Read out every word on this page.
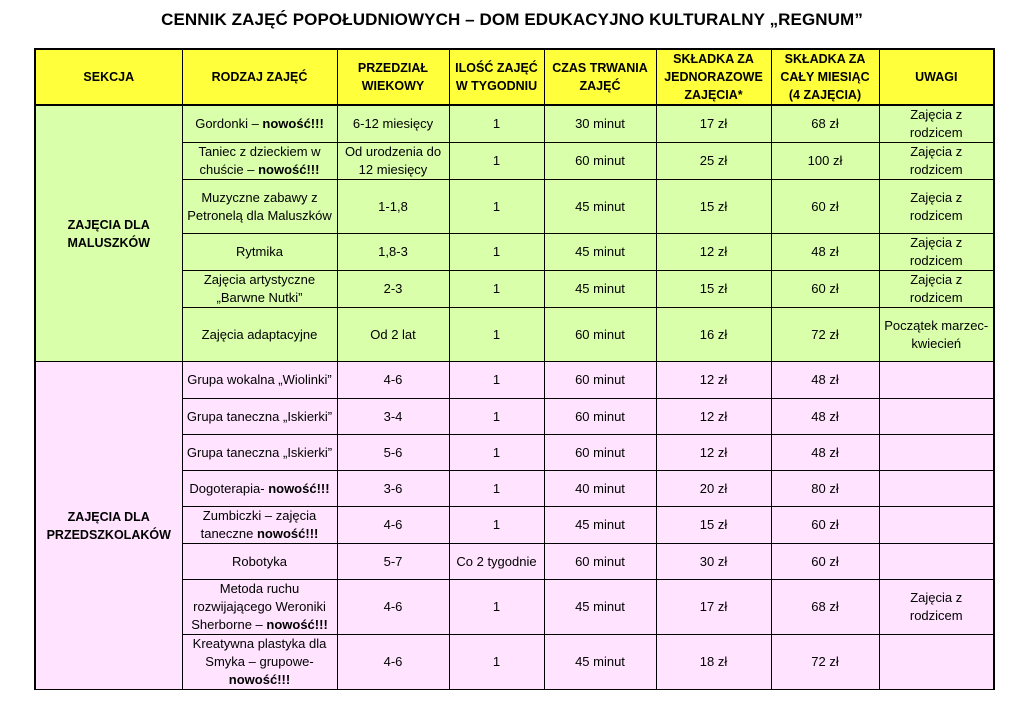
CENNIK ZAJĘĆ POPOŁUDNIOWYCH – DOM EDUKACYJNO KULTURALNY „REGNUM”
SEKCJA	RODZAJ ZAJĘĆ	PRZEDZIAŁ WIEKOWY	ILOŚĆ ZAJĘĆ W TYGODNIU	CZAS TRWANIA ZAJĘĆ	SKŁADKA ZA JEDNORAZOWE ZAJĘCIA*	SKŁADKA ZA CAŁY MIESIĄC (4 ZAJĘCIA)	UWAGI
ZAJĘCIA DLA MALUSZKÓW	Gordonki – nowość!!!	6-12 miesięcy	1	30 minut	17 zł	68 zł	Zajęcia z rodzicem
	Taniec z dzieckiem w chuście – nowość!!!	Od urodzenia do 12 miesięcy	1	60 minut	25 zł	100 zł	Zajęcia z rodzicem
	Muzyczne zabawy z Petronelą dla Maluszków	1-1,8	1	45 minut	15 zł	60 zł	Zajęcia z rodzicem
	Rytmika	1,8-3	1	45 minut	12 zł	48 zł	Zajęcia z rodzicem
	Zajęcia artystyczne „Barwne Nutki”	2-3	1	45 minut	15 zł	60 zł	Zajęcia z rodzicem
	Zajęcia adaptacyjne	Od 2 lat	1	60 minut	16 zł	72 zł	Początek marzec-kwiecień
ZAJĘCIA DLA PRZEDSZKOLAKÓW	Grupa wokalna „Wiolinki”	4-6	1	60 minut	12 zł	48 zł	
	Grupa taneczna „Iskierki”	3-4	1	60 minut	12 zł	48 zł	
	Grupa taneczna „Iskierki”	5-6	1	60 minut	12 zł	48 zł	
	Dogoterapia- nowość!!!	3-6	1	40 minut	20 zł	80 zł	
	Zumbiczki – zajęcia taneczne nowość!!!	4-6	1	45 minut	15 zł	60 zł	
	Robotyka	5-7	Co 2 tygodnie	60 minut	30 zł	60 zł	
	Metoda ruchu rozwijającego Weroniki Sherborne – nowość!!!	4-6	1	45 minut	17 zł	68 zł	Zajęcia z rodzicem
	Kreatywna plastyka dla Smyka – grupowe- nowość!!!	4-6	1	45 minut	18 zł	72 zł	
